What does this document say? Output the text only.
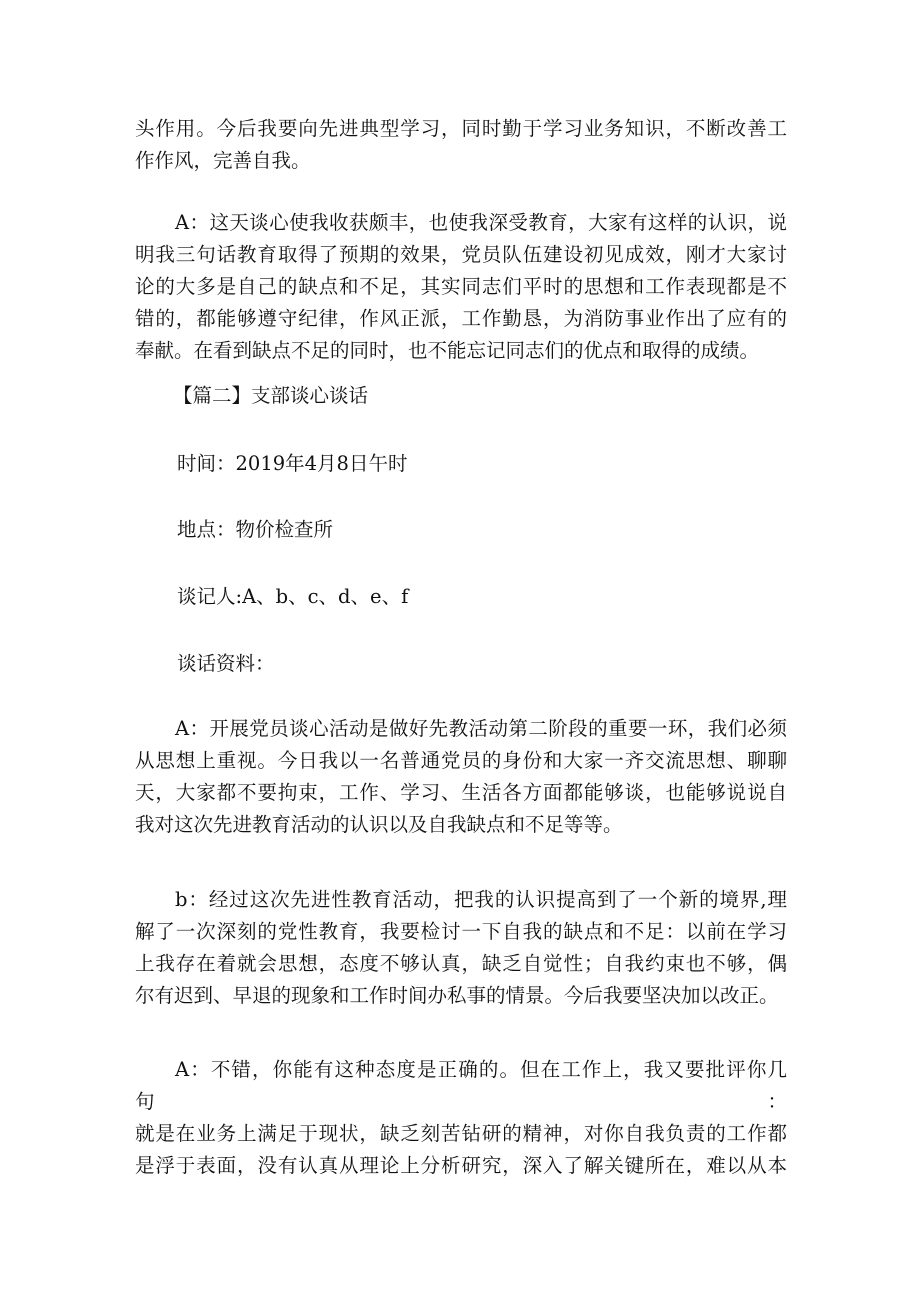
头作用。今后我要向先进典型学习，同时勤于学习业务知识，不断改善工
作作风，完善自我。
A：这天谈心使我收获颇丰，也使我深受教育，大家有这样的认识，说
明我三句话教育取得了预期的效果，党员队伍建设初见成效，刚才大家讨
论的大多是自己的缺点和不足，其实同志们平时的思想和工作表现都是不
错的，都能够遵守纪律，作风正派，工作勤恳，为消防事业作出了应有的
奉献。在看到缺点不足的同时，也不能忘记同志们的优点和取得的成绩。

【篇二】支部谈心谈话

时间：2019年4月8日午时

地点：物价检查所

谈记人:A、b、c、d、e、f

谈话资料：

A：开展党员谈心活动是做好先教活动第二阶段的重要一环，我们必须
从思想上重视。今日我以一名普通党员的身份和大家一齐交流思想、聊聊
天，大家都不要拘束，工作、学习、生活各方面都能够谈，也能够说说自
我对这次先进教育活动的认识以及自我缺点和不足等等。
b：经过这次先进性教育活动，把我的认识提高到了一个新的境界,理
解了一次深刻的党性教育，我要检讨一下自我的缺点和不足：以前在学习
上我存在着就会思想，态度不够认真，缺乏自觉性；自我约束也不够，偶
尔有迟到、早退的现象和工作时间办私事的情景。今后我要坚决加以改正。
A：不错，你能有这种态度是正确的。但在工作上，我又要批评你几句：
就是在业务上满足于现状，缺乏刻苦钻研的精神，对你自我负责的工作都
是浮于表面，没有认真从理论上分析研究，深入了解关键所在，难以从本
